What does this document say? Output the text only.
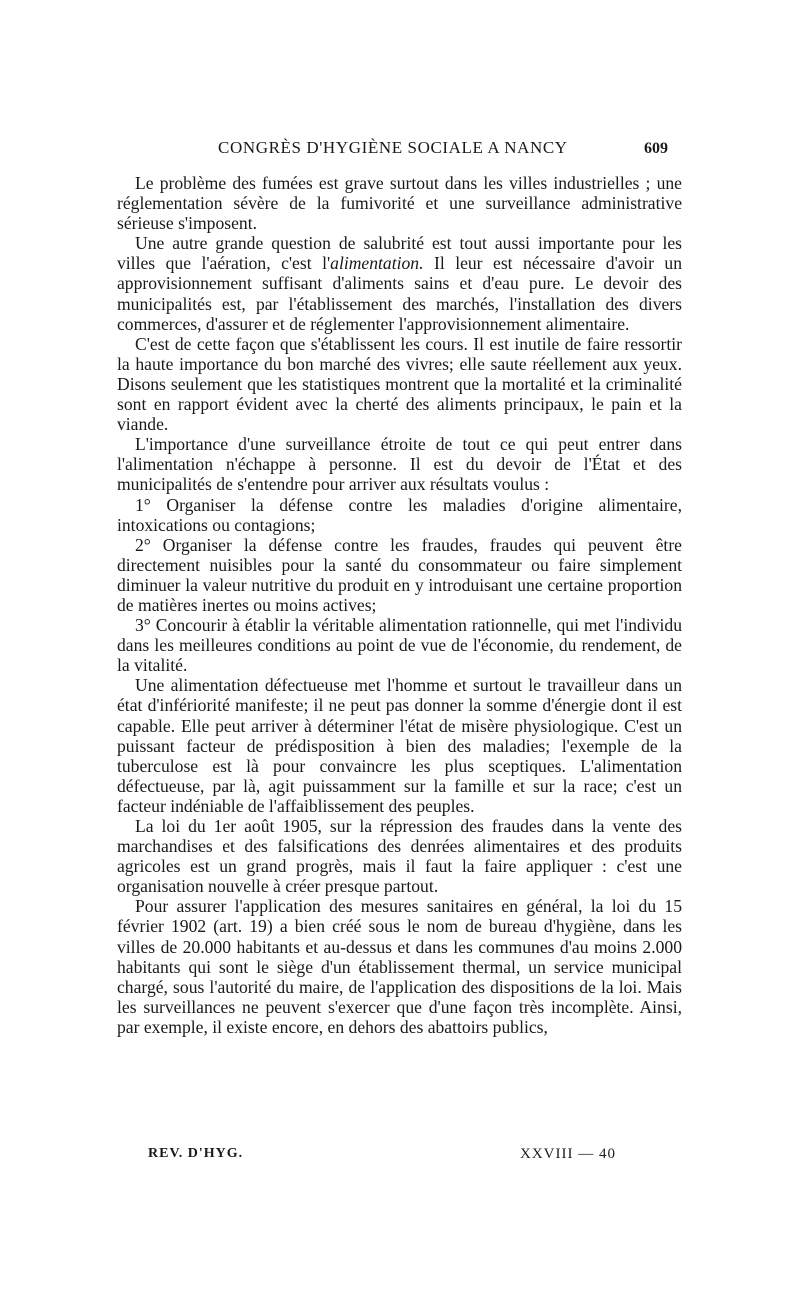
CONGRÈS D'HYGIÈNE SOCIALE A NANCY	609

Le problème des fumées est grave surtout dans les villes industrielles ; une réglementation sévère de la fumivorité et une surveillance administrative sérieuse s'imposent.

Une autre grande question de salubrité est tout aussi importante pour les villes que l'aération, c'est l'alimentation. Il leur est nécessaire d'avoir un approvisionnement suffisant d'aliments sains et d'eau pure. Le devoir des municipalités est, par l'établissement des marchés, l'installation des divers commerces, d'assurer et de réglementer l'approvisionnement alimentaire.

C'est de cette façon que s'établissent les cours. Il est inutile de faire ressortir la haute importance du bon marché des vivres; elle saute réellement aux yeux. Disons seulement que les statistiques montrent que la mortalité et la criminalité sont en rapport évident avec la cherté des aliments principaux, le pain et la viande.

L'importance d'une surveillance étroite de tout ce qui peut entrer dans l'alimentation n'échappe à personne. Il est du devoir de l'État et des municipalités de s'entendre pour arriver aux résultats voulus :

1° Organiser la défense contre les maladies d'origine alimentaire, intoxications ou contagions;

2° Organiser la défense contre les fraudes, fraudes qui peuvent être directement nuisibles pour la santé du consommateur ou faire simplement diminuer la valeur nutritive du produit en y introduisant une certaine proportion de matières inertes ou moins actives;

3° Concourir à établir la véritable alimentation rationnelle, qui met l'individu dans les meilleures conditions au point de vue de l'économie, du rendement, de la vitalité.

Une alimentation défectueuse met l'homme et surtout le travailleur dans un état d'infériorité manifeste; il ne peut pas donner la somme d'énergie dont il est capable. Elle peut arriver à déterminer l'état de misère physiologique. C'est un puissant facteur de prédisposition à bien des maladies; l'exemple de la tuberculose est là pour convaincre les plus sceptiques. L'alimentation défectueuse, par là, agit puissamment sur la famille et sur la race; c'est un facteur indéniable de l'affaiblissement des peuples.

La loi du 1er août 1905, sur la répression des fraudes dans la vente des marchandises et des falsifications des denrées alimentaires et des produits agricoles est un grand progrès, mais il faut la faire appliquer : c'est une organisation nouvelle à créer presque partout.

Pour assurer l'application des mesures sanitaires en général, la loi du 15 février 1902 (art. 19) a bien créé sous le nom de bureau d'hygiène, dans les villes de 20.000 habitants et au-dessus et dans les communes d'au moins 2.000 habitants qui sont le siège d'un établissement thermal, un service municipal chargé, sous l'autorité du maire, de l'application des dispositions de la loi. Mais les surveillances ne peuvent s'exercer que d'une façon très incomplète. Ainsi, par exemple, il existe encore, en dehors des abattoirs publics,

REV. D'HYG.	XXVIII — 40
